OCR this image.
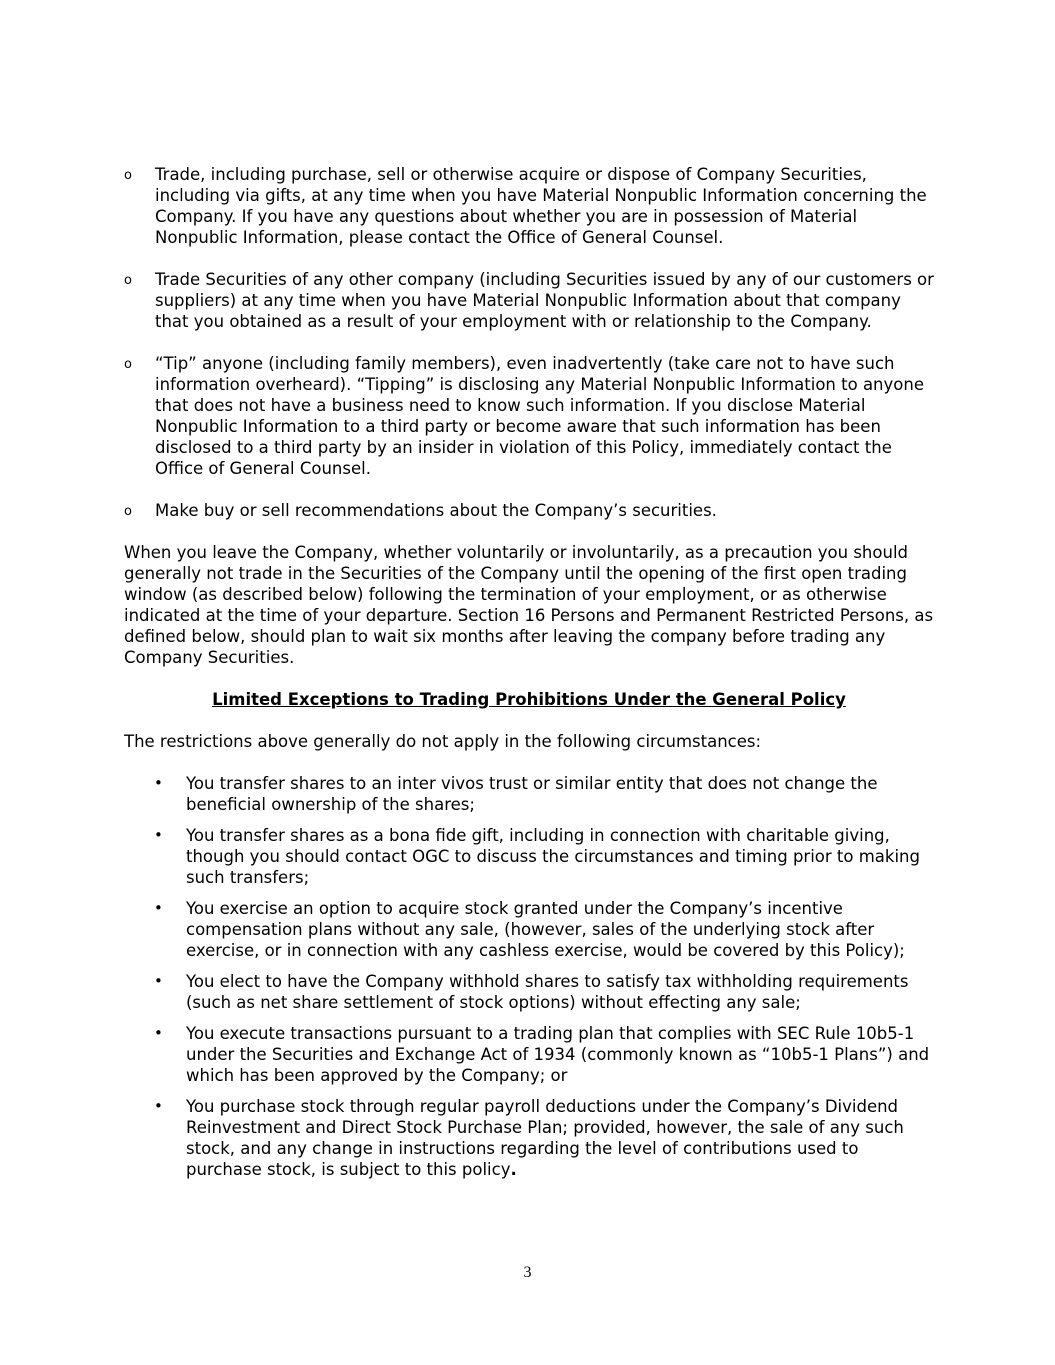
o Trade, including purchase, sell or otherwise acquire or dispose of Company Securities, including via gifts, at any time when you have Material Nonpublic Information concerning the Company. If you have any questions about whether you are in possession of Material Nonpublic Information, please contact the Office of General Counsel.
o Trade Securities of any other company (including Securities issued by any of our customers or suppliers) at any time when you have Material Nonpublic Information about that company that you obtained as a result of your employment with or relationship to the Company.
o “Tip” anyone (including family members), even inadvertently (take care not to have such information overheard). “Tipping” is disclosing any Material Nonpublic Information to anyone that does not have a business need to know such information. If you disclose Material Nonpublic Information to a third party or become aware that such information has been disclosed to a third party by an insider in violation of this Policy, immediately contact the Office of General Counsel.
o Make buy or sell recommendations about the Company’s securities.

When you leave the Company, whether voluntarily or involuntarily, as a precaution you should generally not trade in the Securities of the Company until the opening of the first open trading window (as described below) following the termination of your employment, or as otherwise indicated at the time of your departure. Section 16 Persons and Permanent Restricted Persons, as defined below, should plan to wait six months after leaving the company before trading any Company Securities.

Limited Exceptions to Trading Prohibitions Under the General Policy

The restrictions above generally do not apply in the following circumstances:

• You transfer shares to an inter vivos trust or similar entity that does not change the beneficial ownership of the shares;
• You transfer shares as a bona fide gift, including in connection with charitable giving, though you should contact OGC to discuss the circumstances and timing prior to making such transfers;
• You exercise an option to acquire stock granted under the Company’s incentive compensation plans without any sale, (however, sales of the underlying stock after exercise, or in connection with any cashless exercise, would be covered by this Policy);
• You elect to have the Company withhold shares to satisfy tax withholding requirements (such as net share settlement of stock options) without effecting any sale;
• You execute transactions pursuant to a trading plan that complies with SEC Rule 10b5-1 under the Securities and Exchange Act of 1934 (commonly known as “10b5-1 Plans”) and which has been approved by the Company; or
• You purchase stock through regular payroll deductions under the Company’s Dividend Reinvestment and Direct Stock Purchase Plan; provided, however, the sale of any such stock, and any change in instructions regarding the level of contributions used to purchase stock, is subject to this policy.
3
